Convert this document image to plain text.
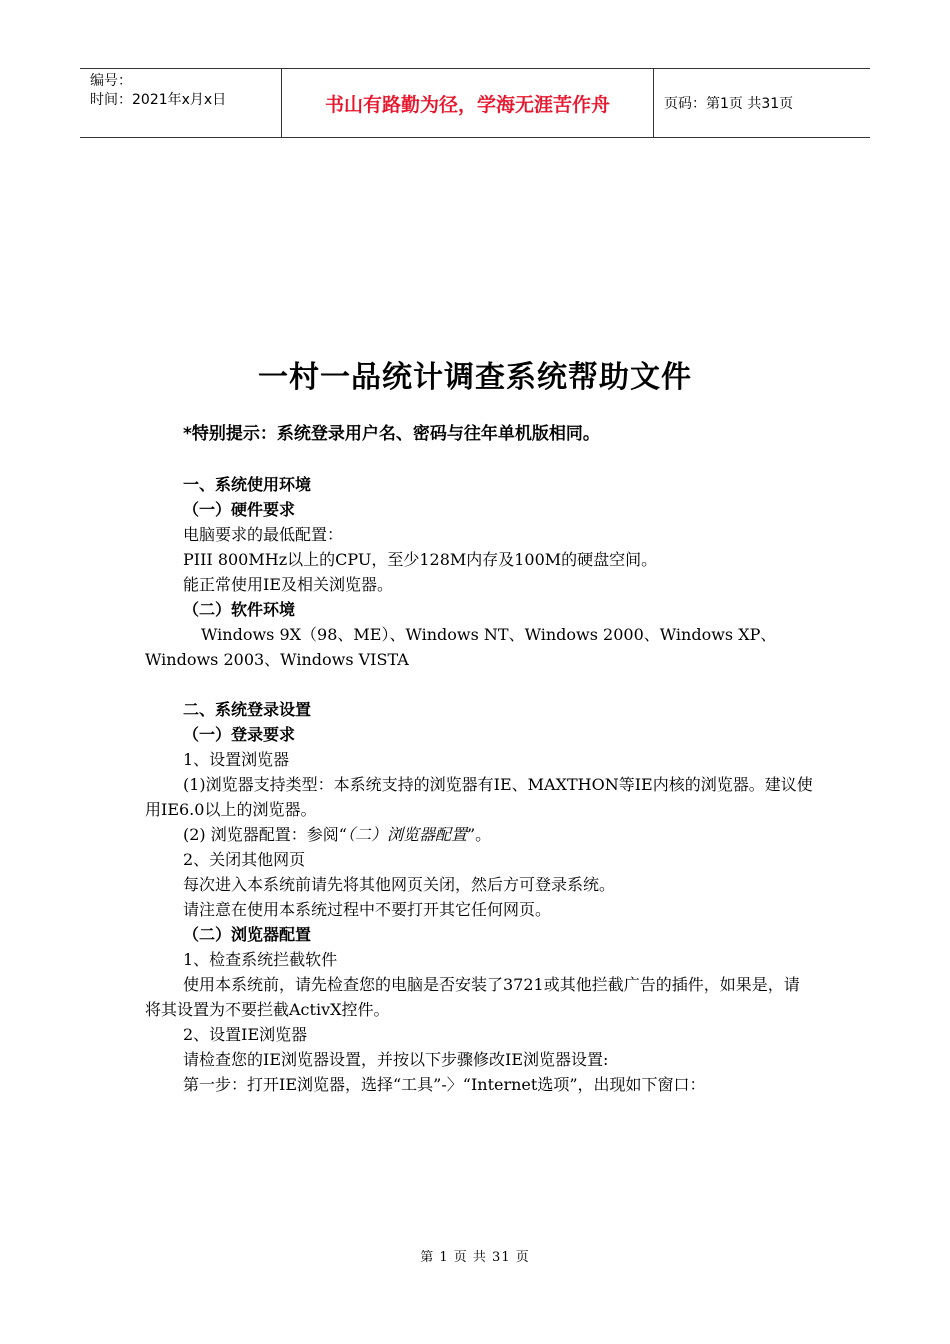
编号：
时间：2021年x月x日	书山有路勤为径，学海无涯苦作舟	页码：第1页 共31页
一村一品统计调查系统帮助文件

*特别提示：系统登录用户名、密码与往年单机版相同。

一、系统使用环境

（一）硬件要求

电脑要求的最低配置：

PIII 800MHz以上的CPU，至少128M内存及100M的硬盘空间。

能正常使用IE及相关浏览器。

（二）软件环境

Windows 9X（98、ME）、Windows NT、Windows 2000、Windows XP、Windows 2003、Windows VISTA

二、系统登录设置

（一）登录要求

1、设置浏览器

(1)浏览器支持类型：本系统支持的浏览器有IE、MAXTHON等IE内核的浏览器。建议使用IE6.0以上的浏览器。

(2) 浏览器配置：参阅“（二）浏览器配置”。

2、关闭其他网页

每次进入本系统前请先将其他网页关闭，然后方可登录系统。

请注意在使用本系统过程中不要打开其它任何网页。

（二）浏览器配置

1、检查系统拦截软件

使用本系统前，请先检查您的电脑是否安装了3721或其他拦截广告的插件，如果是，请将其设置为不要拦截ActivX控件。

2、设置IE浏览器

请检查您的IE浏览器设置，并按以下步骤修改IE浏览器设置:

第一步：打开IE浏览器，选择“工具”-〉“Internet选项”，出现如下窗口：

第 1 页 共 31 页
